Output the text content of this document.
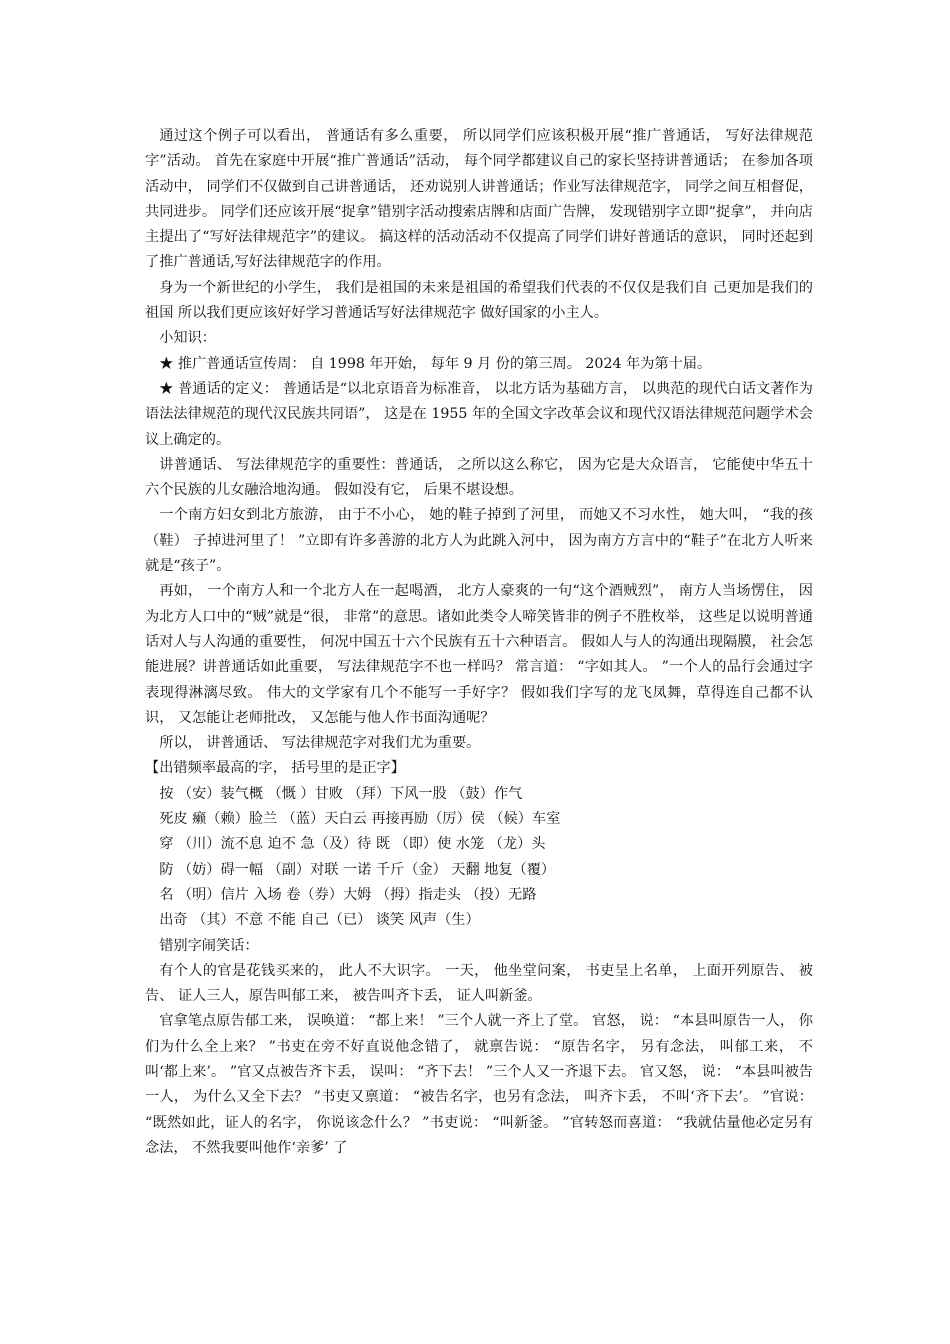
通过这个例子可以看出， 普通话有多么重要， 所以同学们应该积极开展“推广普通话， 写好法律规范字”活动。 首先在家庭中开展“推广普通话”活动， 每个同学都建议自己的家长坚持讲普通话； 在参加各项活动中， 同学们不仅做到自己讲普通话， 还劝说别人讲普通话；作业写法律规范字， 同学之间互相督促， 共同进步。 同学们还应该开展“捉拿”错别字活动搜索店牌和店面广告牌， 发现错别字立即“捉拿”， 并向店主提出了“写好法律规范字”的建议。 搞这样的活动活动不仅提高了同学们讲好普通话的意识， 同时还起到了推广普通话,写好法律规范字的作用。

身为一个新世纪的小学生， 我们是祖国的未来是祖国的希望我们代表的不仅仅是我们自 己更加是我们的祖国 所以我们更应该好好学习普通话写好法律规范字 做好国家的小主人。

小知识：

★ 推广普通话宣传周： 自 1998 年开始， 每年 9 月 份的第三周。 2024 年为第十届。

★ 普通话的定义： 普通话是“以北京语音为标准音， 以北方话为基础方言， 以典范的现代白话文著作为语法法律规范的现代汉民族共同语”， 这是在 1955 年的全国文字改革会议和现代汉语法律规范问题学术会议上确定的。

讲普通话、 写法律规范字的重要性：普通话， 之所以这么称它， 因为它是大众语言， 它能使中华五十六个民族的儿女融洽地沟通。 假如没有它， 后果不堪设想。

一个南方妇女到北方旅游， 由于不小心， 她的鞋子掉到了河里， 而她又不习水性， 她大叫， “我的孩（鞋） 子掉进河里了！ ”立即有许多善游的北方人为此跳入河中， 因为南方方言中的“鞋子”在北方人听来就是“孩子”。

再如， 一个南方人和一个北方人在一起喝酒， 北方人豪爽的一句“这个酒贼烈”， 南方人当场愣住， 因为北方人口中的“贼”就是“很， 非常”的意思。诸如此类令人啼笑皆非的例子不胜枚举， 这些足以说明普通话对人与人沟通的重要性， 何况中国五十六个民族有五十六种语言。 假如人与人的沟通出现隔膜， 社会怎能进展？讲普通话如此重要， 写法律规范字不也一样吗？ 常言道： “字如其人。 ”一个人的品行会通过字表现得淋漓尽致。 伟大的文学家有几个不能写一手好字？ 假如我们字写的龙飞凤舞，草得连自己都不认识， 又怎能让老师批改， 又怎能与他人作书面沟通呢？

所以， 讲普通话、 写法律规范字对我们尤为重要。

【出错频率最高的字， 括号里的是正字】

按 （安）装气概 （慨 ）甘败 （拜）下风一股 （鼓）作气

死皮 癞（赖）脸兰 （蓝）天白云 再接再励（厉）侯 （候）车室

穿 （川）流不息 迫不 急（及）待 既 （即）使 水笼 （龙）头

防 （妨）碍一幅 （副）对联 一诺 千斤（金） 天翻 地复（覆）

名 （明）信片 入场 卷（券）大姆 （拇）指走头 （投）无路

出奇 （其）不意 不能 自己（已） 谈笑 风声（生）

错别字闹笑话：

有个人的官是花钱买来的， 此人不大识字。 一天， 他坐堂问案， 书吏呈上名单， 上面开列原告、 被告、 证人三人，原告叫郁工来， 被告叫齐卞丢， 证人叫新釜。

官拿笔点原告郁工来， 误唤道： “都上来！ ”三个人就一齐上了堂。 官怒， 说： “本县叫原告一人， 你们为什么全上来？ ”书吏在旁不好直说他念错了， 就禀告说： “原告名字， 另有念法， 叫郁工来， 不叫‘都上来’。 ”官又点被告齐卞丢， 误叫： “齐下去！ ”三个人又一齐退下去。 官又怒， 说： “本县叫被告一人， 为什么又全下去？ ”书吏又禀道： “被告名字，也另有念法， 叫齐卞丢， 不叫‘齐下去’。 ”官说： “既然如此，证人的名字， 你说该念什么？ ”书吏说： “叫新釜。 ”官转怒而喜道： “我就估量他必定另有念法， 不然我要叫他作‘亲爹’ 了
